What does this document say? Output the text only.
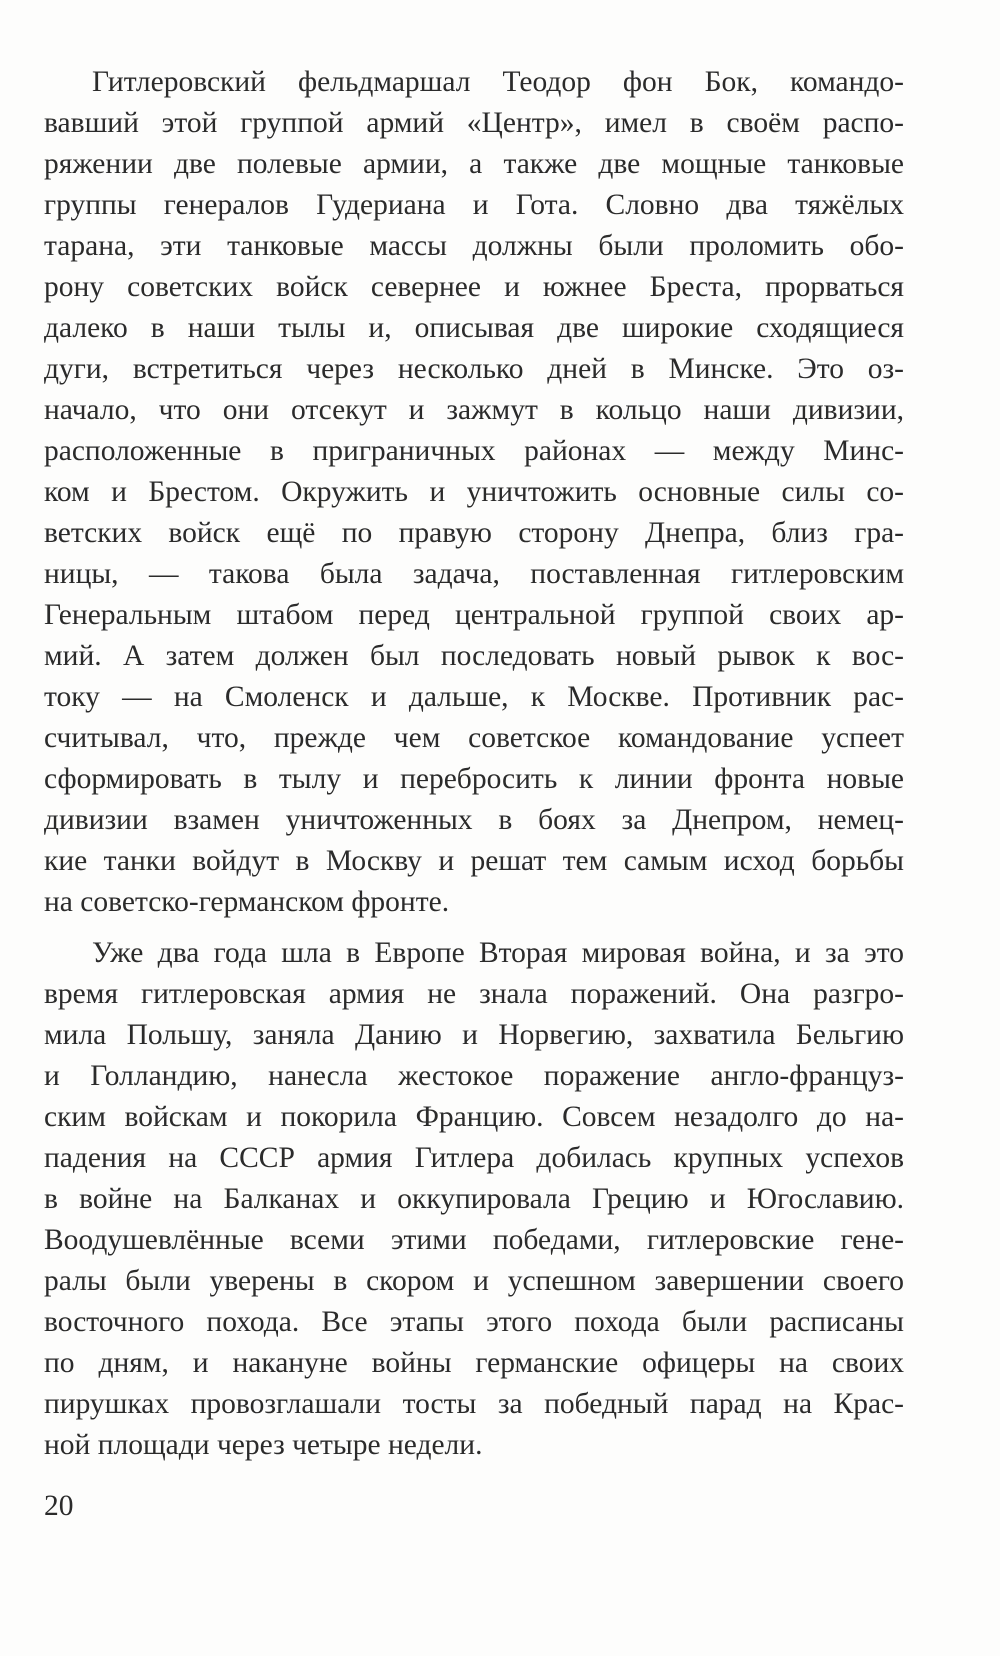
Гитлеровский фельдмаршал Теодор фон Бок, командо-
вавший этой группой армий «Центр», имел в своём распо-
ряжении две полевые армии, а также две мощные танковые
группы генералов Гудериана и Гота. Словно два тяжёлых
тарана, эти танковые массы должны были проломить обо-
рону советских войск севернее и южнее Бреста, прорваться
далеко в наши тылы и, описывая две широкие сходящиеся
дуги, встретиться через несколько дней в Минске. Это оз-
начало, что они отсекут и зажмут в кольцо наши дивизии,
расположенные в приграничных районах — между Минс-
ком и Брестом. Окружить и уничтожить основные силы со-
ветских войск ещё по правую сторону Днепра, близ гра-
ницы, — такова была задача, поставленная гитлеровским
Генеральным штабом перед центральной группой своих ар-
мий. А затем должен был последовать новый рывок к вос-
току — на Смоленск и дальше, к Москве. Противник рас-
считывал, что, прежде чем советское командование успеет
сформировать в тылу и перебросить к линии фронта новые
дивизии взамен уничтоженных в боях за Днепром, немец-
кие танки войдут в Москву и решат тем самым исход борьбы
на советско-германском фронте.
Уже два года шла в Европе Вторая мировая война, и за это
время гитлеровская армия не знала поражений. Она разгро-
мила Польшу, заняла Данию и Норвегию, захватила Бельгию
и Голландию, нанесла жестокое поражение англо-француз-
ским войскам и покорила Францию. Совсем незадолго до на-
падения на СССР армия Гитлера добилась крупных успехов
в войне на Балканах и оккупировала Грецию и Югославию.
Воодушевлённые всеми этими победами, гитлеровские гене-
ралы были уверены в скором и успешном завершении своего
восточного похода. Все этапы этого похода были расписаны
по дням, и накануне войны германские офицеры на своих
пирушках провозглашали тосты за победный парад на Крас-
ной площади через четыре недели.
20
